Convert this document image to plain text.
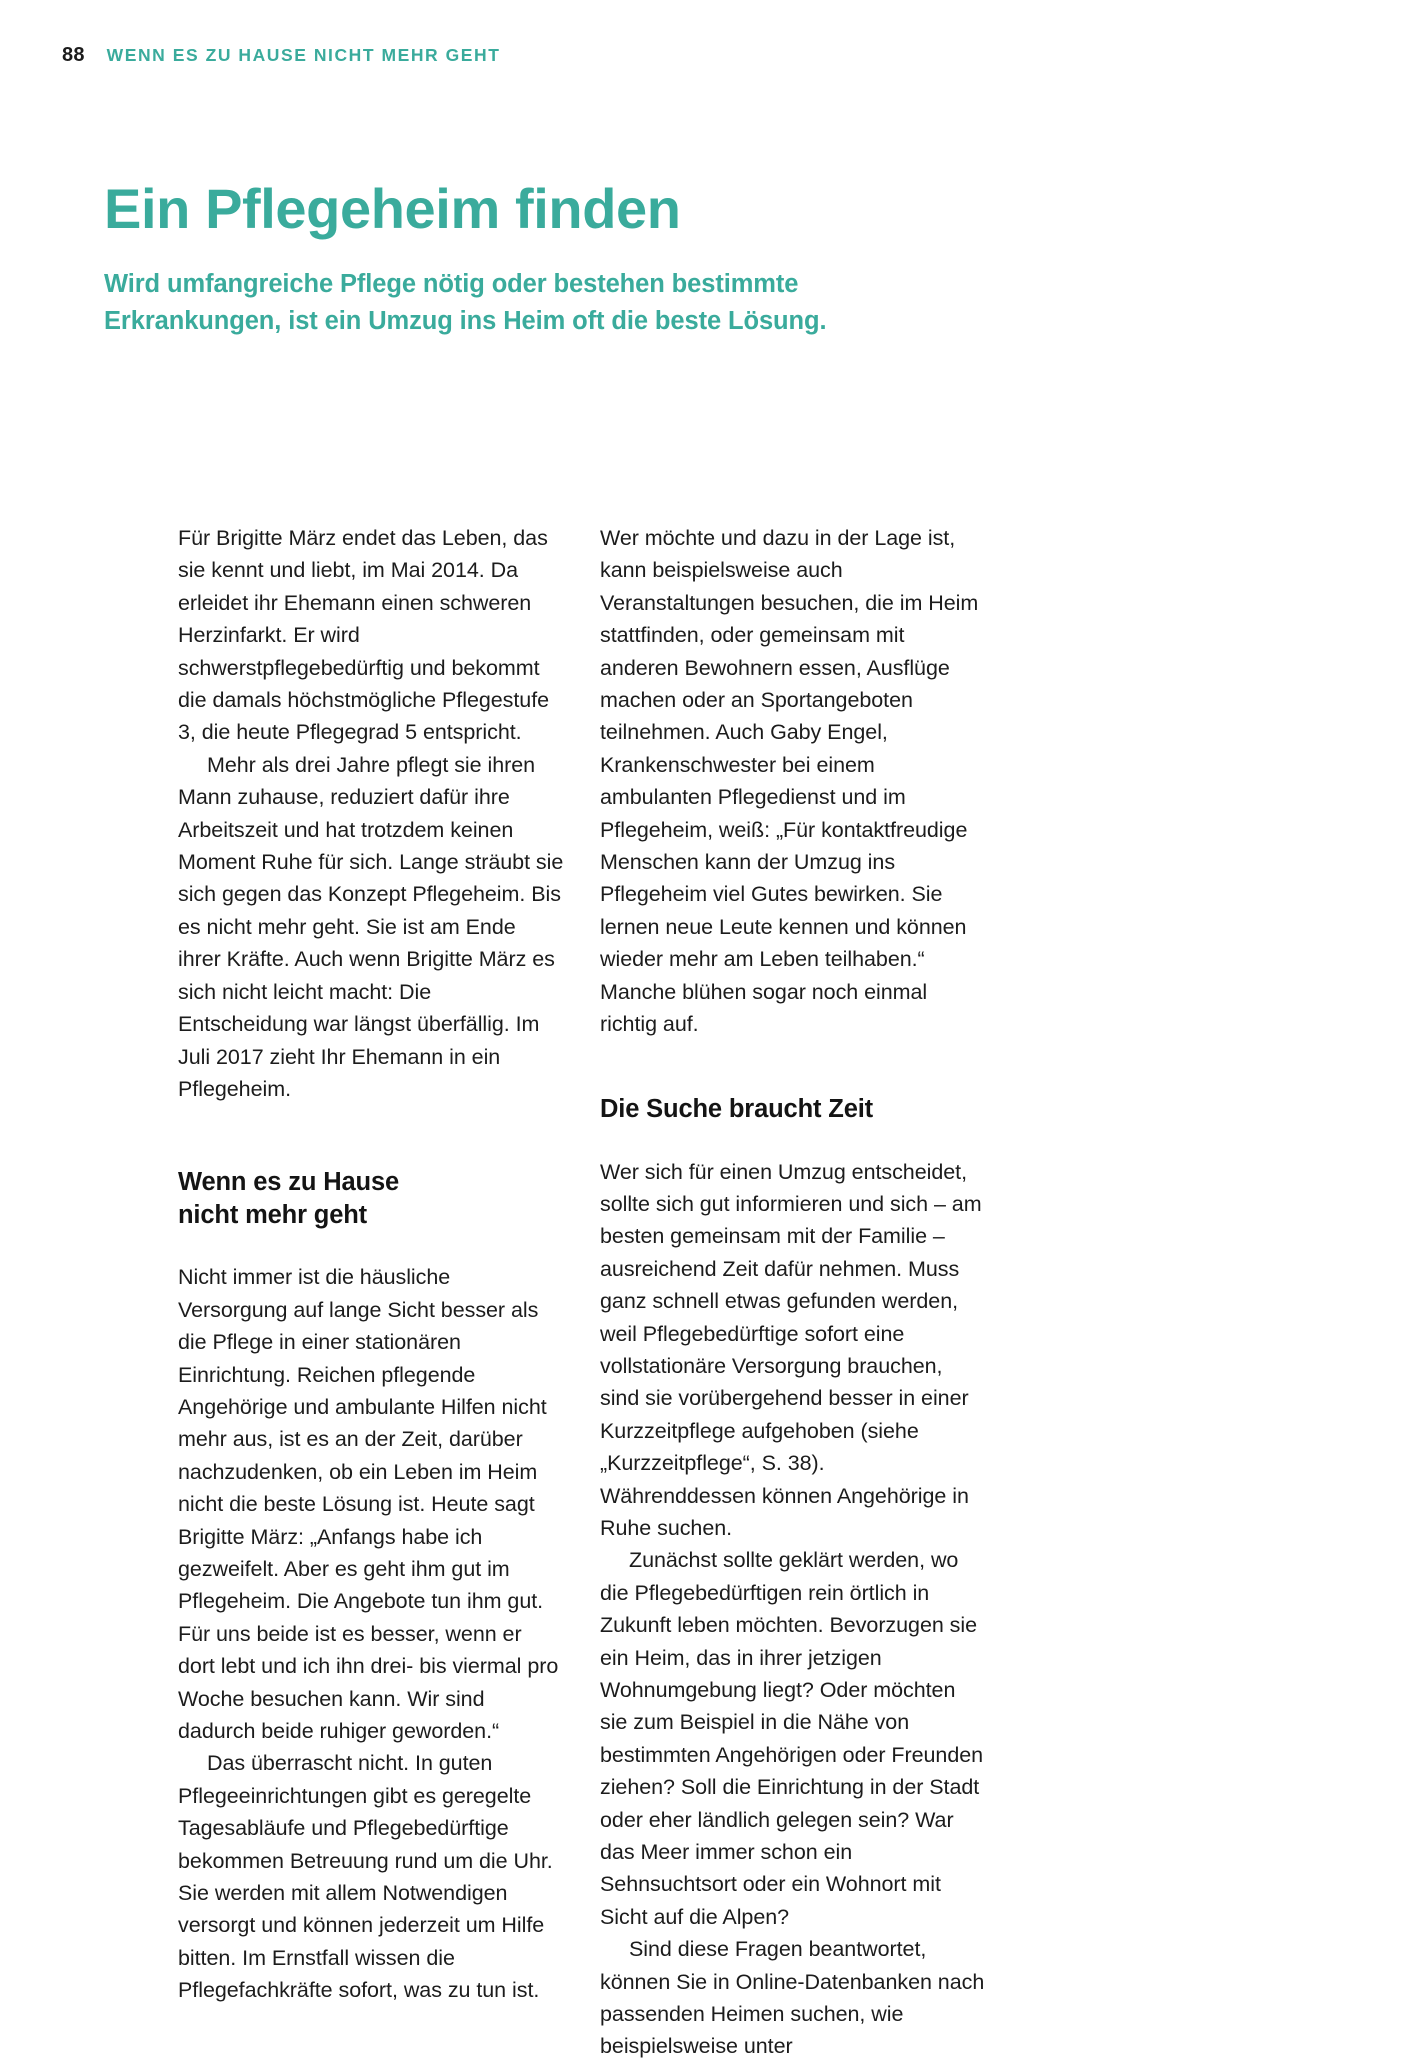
88 WENN ES ZU HAUSE NICHT MEHR GEHT
Ein Pflegeheim finden

Wird umfangreiche Pflege nötig oder bestehen bestimmte
Erkrankungen, ist ein Umzug ins Heim oft die beste Lösung.

Für Brigitte März endet das Leben, das sie kennt und liebt, im Mai 2014. Da erleidet ihr Ehemann einen schweren Herzinfarkt. Er wird schwerstpflegebedürftig und bekommt die damals höchstmögliche Pflegestufe 3, die heute Pflegegrad 5 entspricht.

Mehr als drei Jahre pflegt sie ihren Mann zuhause, reduziert dafür ihre Arbeitszeit und hat trotzdem keinen Moment Ruhe für sich. Lange sträubt sie sich gegen das Konzept Pflegeheim. Bis es nicht mehr geht. Sie ist am Ende ihrer Kräfte. Auch wenn Brigitte März es sich nicht leicht macht: Die Entscheidung war längst überfällig. Im Juli 2017 zieht Ihr Ehemann in ein Pflegeheim.

Wenn es zu Hause
nicht mehr geht

Nicht immer ist die häusliche Versorgung auf lange Sicht besser als die Pflege in einer stationären Einrichtung. Reichen pflegende Angehörige und ambulante Hilfen nicht mehr aus, ist es an der Zeit, darüber nachzudenken, ob ein Leben im Heim nicht die beste Lösung ist. Heute sagt Brigitte März: „Anfangs habe ich gezweifelt. Aber es geht ihm gut im Pflegeheim. Die Angebote tun ihm gut. Für uns beide ist es besser, wenn er dort lebt und ich ihn drei- bis viermal pro Woche besuchen kann. Wir sind dadurch beide ruhiger geworden.“

Das überrascht nicht. In guten Pflegeeinrichtungen gibt es geregelte Tagesabläufe und Pflegebedürftige bekommen Betreuung rund um die Uhr. Sie werden mit allem Notwendigen versorgt und können jederzeit um Hilfe bitten. Im Ernstfall wissen die Pflegefachkräfte sofort, was zu tun ist.

Wer möchte und dazu in der Lage ist, kann beispielsweise auch Veranstaltungen besuchen, die im Heim stattfinden, oder gemeinsam mit anderen Bewohnern essen, Ausflüge machen oder an Sportangeboten teilnehmen. Auch Gaby Engel, Krankenschwester bei einem ambulanten Pflegedienst und im Pflegeheim, weiß: „Für kontaktfreudige Menschen kann der Umzug ins Pflegeheim viel Gutes bewirken. Sie lernen neue Leute kennen und können wieder mehr am Leben teilhaben.“ Manche blühen sogar noch einmal richtig auf.

Die Suche braucht Zeit

Wer sich für einen Umzug entscheidet, sollte sich gut informieren und sich – am besten gemeinsam mit der Familie – ausreichend Zeit dafür nehmen. Muss ganz schnell etwas gefunden werden, weil Pflegebedürftige sofort eine vollstationäre Versorgung brauchen, sind sie vorübergehend besser in einer Kurzzeitpflege aufgehoben (siehe „Kurzzeitpflege“, S. 38). Währenddessen können Angehörige in Ruhe suchen.

Zunächst sollte geklärt werden, wo die Pflegebedürftigen rein örtlich in Zukunft leben möchten. Bevorzugen sie ein Heim, das in ihrer jetzigen Wohnumgebung liegt? Oder möchten sie zum Beispiel in die Nähe von bestimmten Angehörigen oder Freunden ziehen? Soll die Einrichtung in der Stadt oder eher ländlich gelegen sein? War das Meer immer schon ein Sehnsuchtsort oder ein Wohnort mit Sicht auf die Alpen?

Sind diese Fragen beantwortet, können Sie in Online-Datenbanken nach passenden Heimen suchen, wie beispielsweise unter
